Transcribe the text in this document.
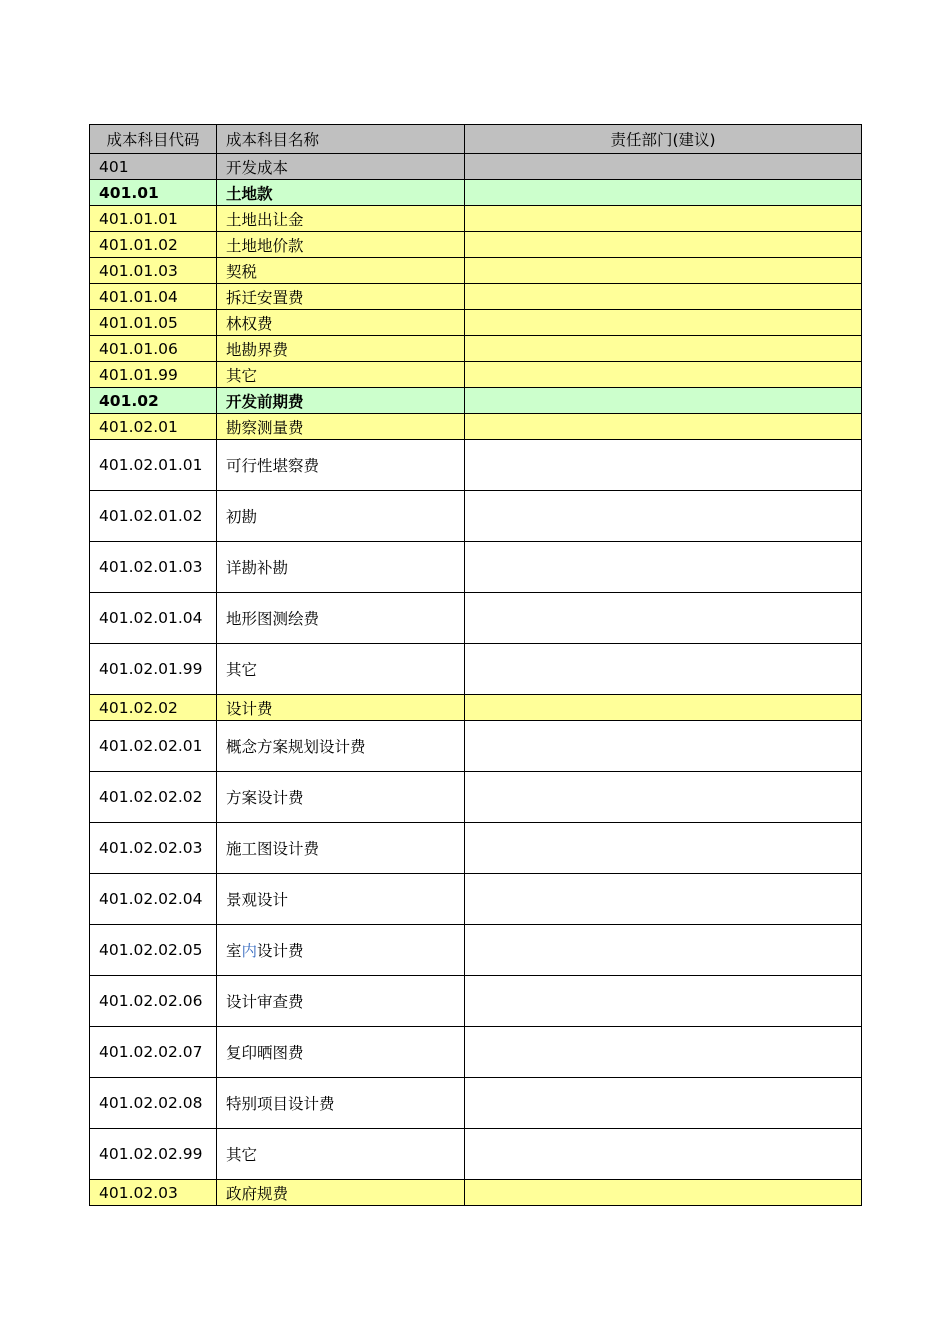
成本科目代码	成本科目名称	责任部门(建议)
401	开发成本	
401.01	土地款	
401.01.01	土地出让金	
401.01.02	土地地价款	
401.01.03	契税	
401.01.04	拆迁安置费	
401.01.05	林权费	
401.01.06	地勘界费	
401.01.99	其它	
401.02	开发前期费	
401.02.01	勘察测量费	
401.02.01.01	可行性堪察费	
401.02.01.02	初勘	
401.02.01.03	详勘补勘	
401.02.01.04	地形图测绘费	
401.02.01.99	其它	
401.02.02	设计费	
401.02.02.01	概念方案规划设计费	
401.02.02.02	方案设计费	
401.02.02.03	施工图设计费	
401.02.02.04	景观设计	
401.02.02.05	室内设计费	
401.02.02.06	设计审查费	
401.02.02.07	复印晒图费	
401.02.02.08	特别项目设计费	
401.02.02.99	其它	
401.02.03	政府规费	
